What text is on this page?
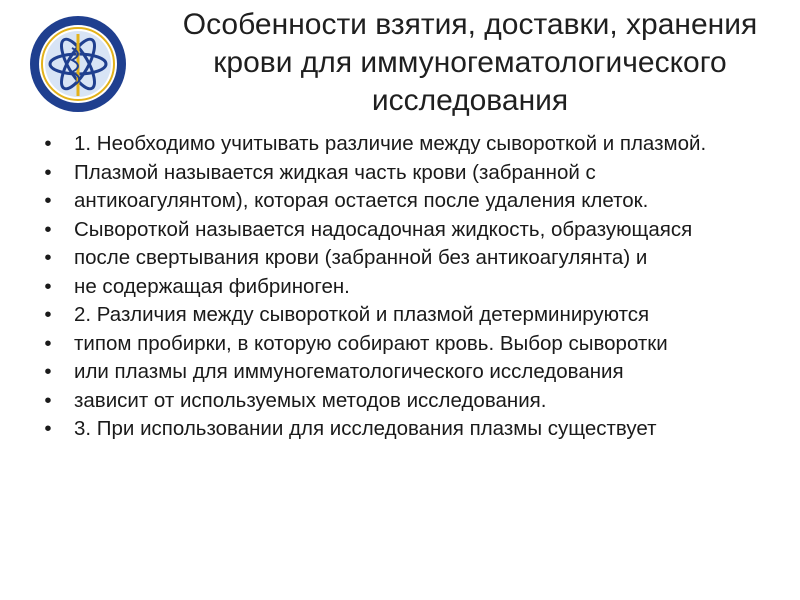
Особенности взятия, доставки, хранения крови для иммуногематологического исследования
•	1. Необходимо учитывать различие между сывороткой и плазмой.
•	Плазмой называется жидкая часть крови (забранной с
•	антикоагулянтом), которая остается после удаления клеток.
•	Сывороткой называется надосадочная жидкость, образующаяся
•	после свертывания крови (забранной без антикоагулянта) и
•	не содержащая фибриноген.
•	2. Различия между сывороткой и плазмой детерминируются
•	типом пробирки, в которую собирают кровь. Выбор сыворотки
•	или плазмы для иммуногематологического исследования
•	зависит от используемых методов исследования.
•	3. При использовании для исследования плазмы существует
